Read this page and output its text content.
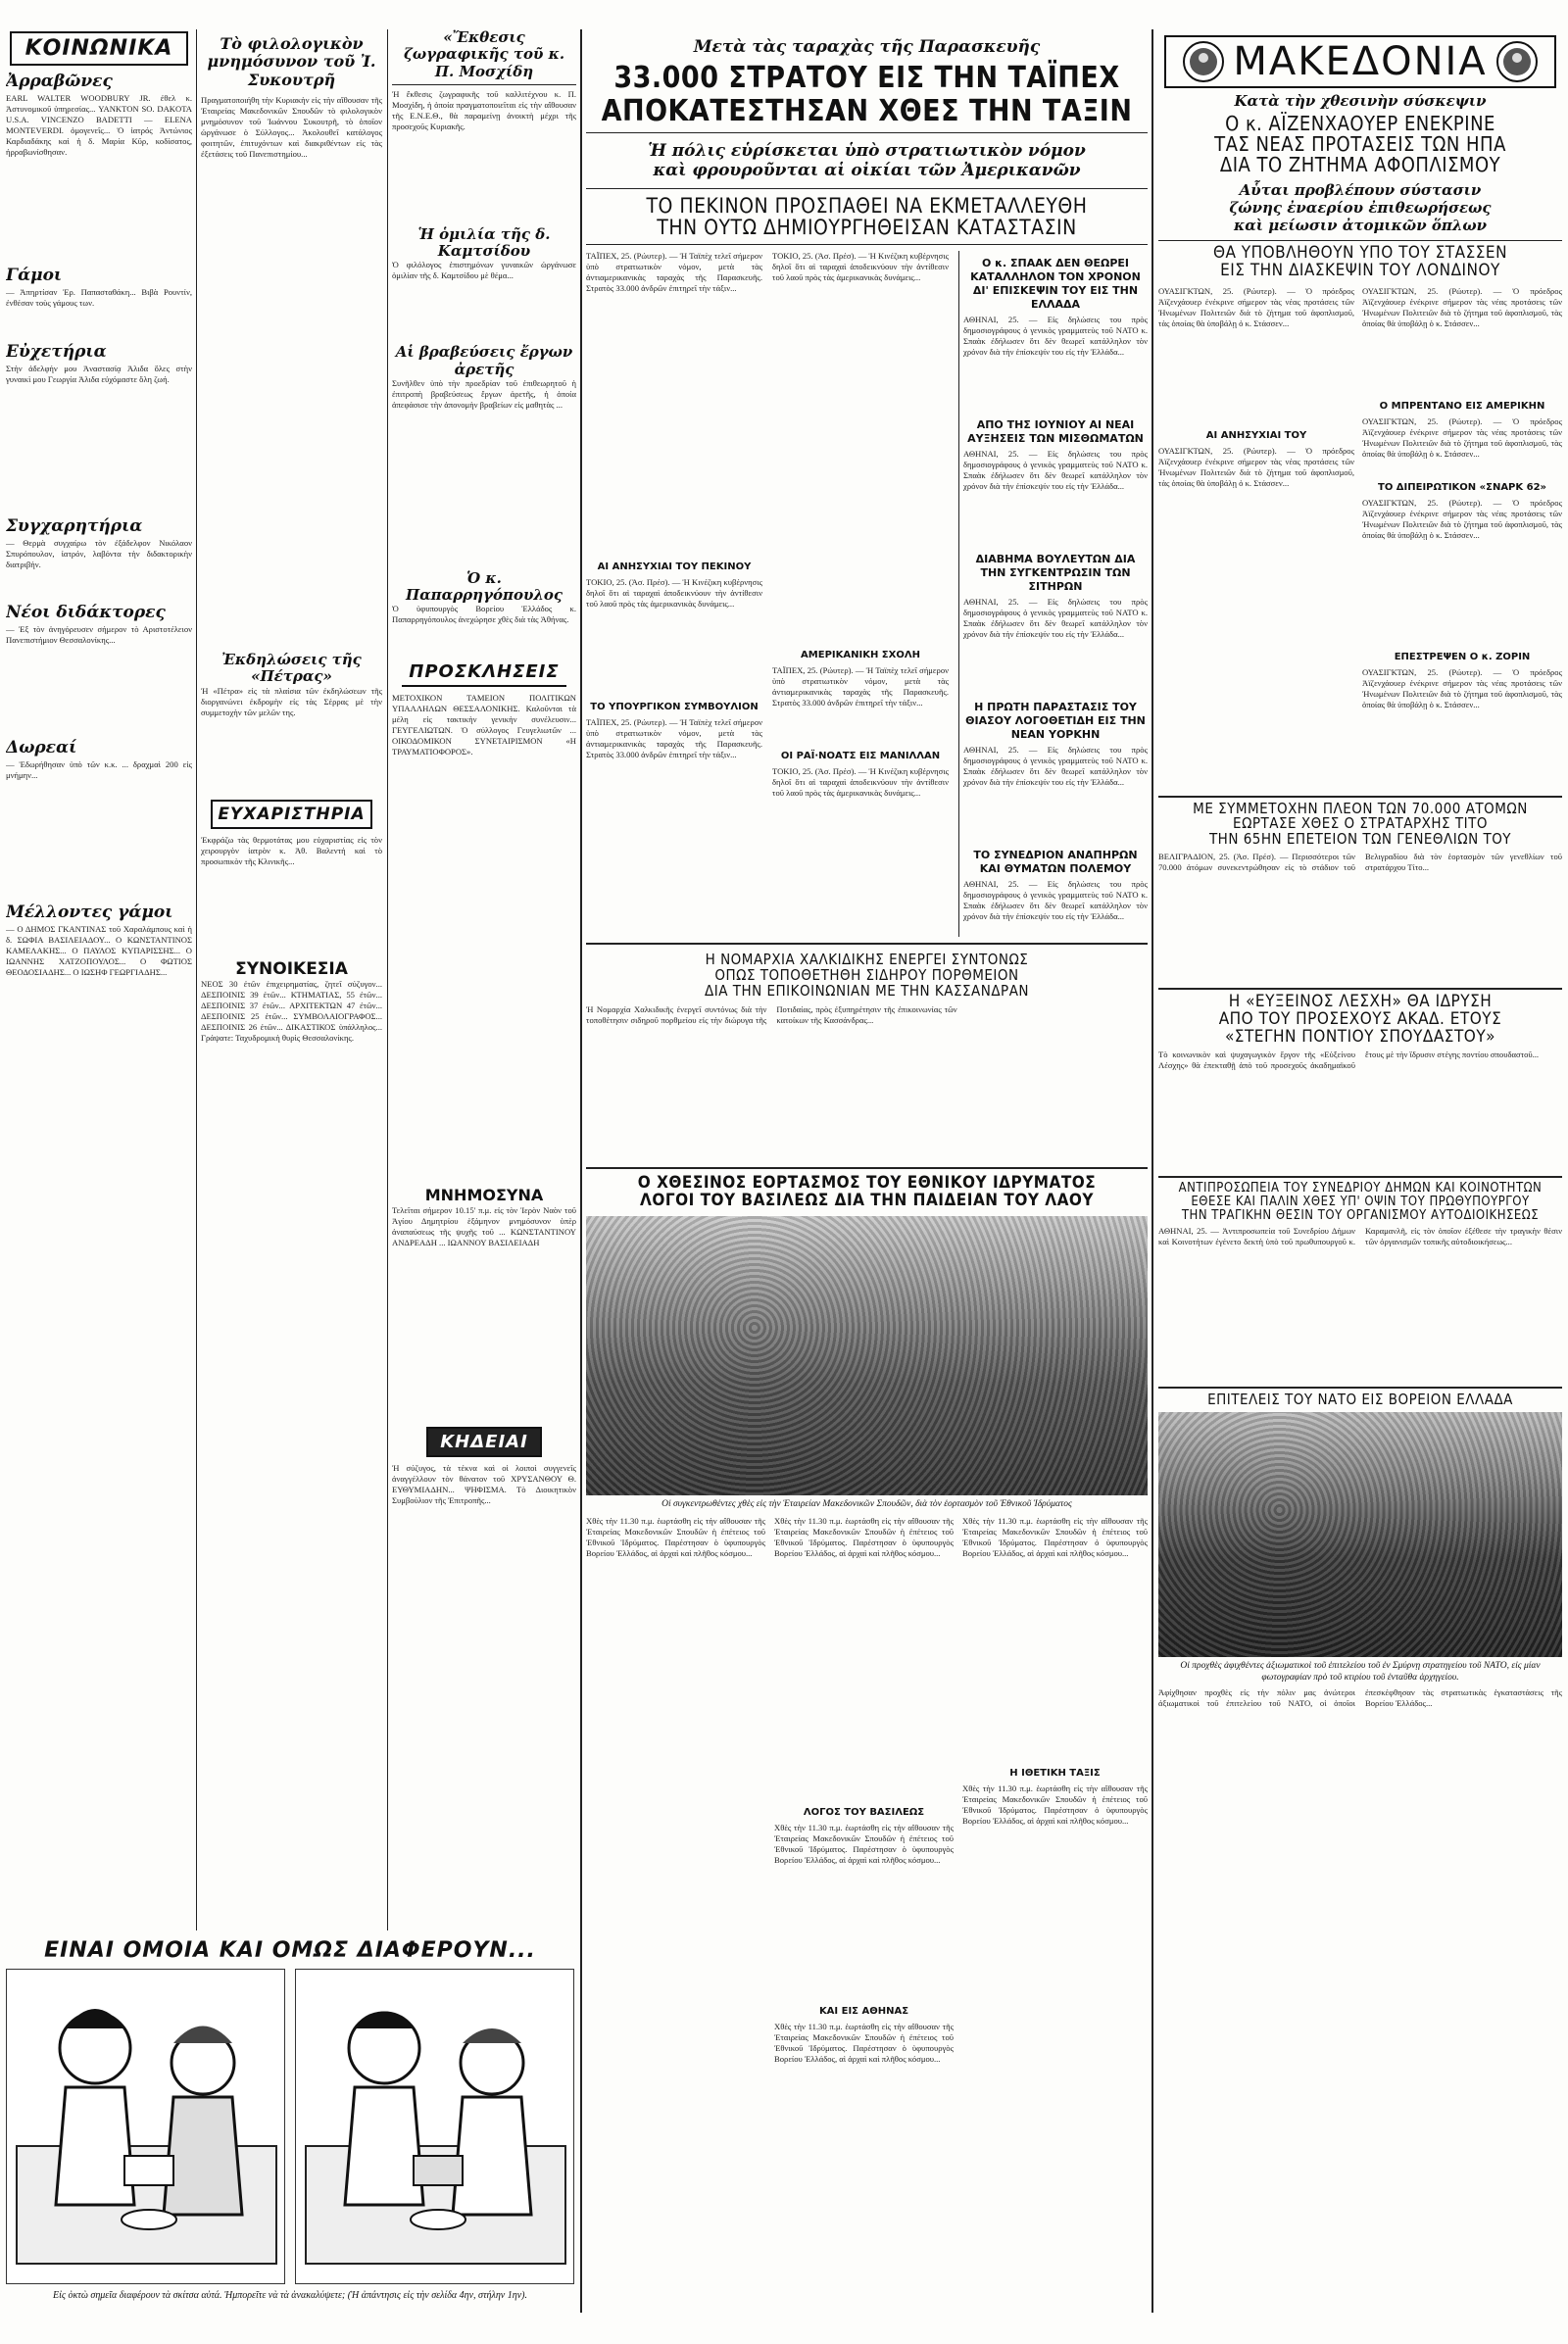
ΚΟΙΝΩΝΙΚΑ
Ἀρραβῶνες
EARL WALTER WOODBURY JR. ἐθελ κ. Ἀστυνομικοῦ ὑπηρεσίας... YANKTON SO. DAKOTA U.S.A. VINCENZO BADETTI — ELENA MONTEVERDI. ὁμογενεῖς... Ὁ ἰατρός Ἀντώνιος Καρδιαδάκης καὶ ἡ δ. Μαρία Κῦρ, κοδίσατος, ἠρραβωνίσθησαν.
Γάμοι
— Ἀπηρτίσαν Ἐρ. Παπασταθάκη... Βιβὰ Ρουντίν, ἐνθέσαν τοὺς γάμους των.
Εὐχετήρια
Στὴν ἀδελφήν μου Ἀναστασίᾳ Ἀλιδα ὅλες στὴν γυναικὶ μου Γεωργία Ἀλιδα εὐχόμαστε ὅλη ζωή.
Συγχαρητήρια
— Θερμὰ συγχαίρω τὸν ἐξάδελφον Νικόλαον Σπυρόπουλον, ἰατρόν, λαβόντα τὴν διδακτορικὴν διατριβήν.
Νέοι διδάκτορες
— Ἐξ τὸν ἀνηγόρευσεν σήμερον τὸ Αριστοτέλειον Πανεπιστήμιον Θεσσαλονίκης...
Δωρεαί
— Ἐδωρήθησαν ὑπὸ τῶν κ.κ. ... δραχμαὶ 200 εἰς μνήμην...
Μέλλοντες γάμοι
— Ο ΔΗΜΟΣ ΓΚΑΝΤΙΝΑΣ τοῦ Χαραλάμπους καὶ ἡ δ. ΣΩΦΙΑ ΒΑΣΙΛΕΙΑΔΟΥ... Ο ΚΩΝΣΤΑΝΤΙΝΟΣ ΚΑΜΕΛΑΚΗΣ... Ο ΠΑΥΛΟΣ ΚΥΠΑΡΙΣΣΗΣ... Ο ΙΩΑΝΝΗΣ ΧΑΤΖΟΠΟΥΛΟΣ... Ο ΦΩΤΙΟΣ ΘΕΟΔΟΣΙΑΔΗΣ... Ο ΙΩΣΗΦ ΓΕΩΡΓΙΑΔΗΣ...
Τὸ φιλολογικὸν μνημόσυνον τοῦ Ἰ. Συκουτρῆ
Πραγματοποιήθη τὴν Κυριακὴν εἰς τὴν αἴθουσαν τῆς Ἑταιρείας Μακεδονικῶν Σπουδῶν τὸ φιλολογικὸν μνημόσυνον τοῦ Ἰωάννου Συκουτρῆ, τὸ ὁποῖον ὠργάνωσε ὁ Σύλλογος... Ἀκολουθεῖ κατάλογος φοιτητῶν, ἐπιτυχόντων καὶ διακριθέντων εἰς τὰς ἐξετάσεις τοῦ Πανεπιστημίου...
Ἐκδηλώσεις τῆς «Πέτρας»
Ἡ «Πέτρα» εἰς τὰ πλαίσια τῶν ἐκδηλώσεων τῆς διοργανώνει ἐκδρομὴν εἰς τὰς Σέρρας μὲ τὴν συμμετοχὴν τῶν μελῶν της.
ΕΥΧΑΡΙΣΤΗΡΙΑ
Ἐκφράζω τὰς θερμοτάτας μου εὐχαριστίας εἰς τὸν χειρουργὸν ἰατρὸν κ. Ἀθ. Βαλεντή καὶ τὸ προσωπικὸν τῆς Κλινικῆς...
ΣΥΝΟΙΚΕΣΙΑ
ΝΕΟΣ 30 ἐτῶν ἐπιχειρηματίας, ζητεῖ σύζυγον... ΔΕΣΠΟΙΝΙΣ 39 ἐτῶν... ΚΤΗΜΑΤΙΑΣ, 55 ἐτῶν... ΔΕΣΠΟΙΝΙΣ 37 ἐτῶν... ΑΡΧΙΤΕΚΤΩΝ 47 ἐτῶν... ΔΕΣΠΟΙΝΙΣ 25 ἐτῶν... ΣΥΜΒΟΛΑΙΟΓΡΑΦΟΣ... ΔΕΣΠΟΙΝΙΣ 26 ἐτῶν... ΔΙΚΑΣΤΙΚΟΣ ὑπάλληλος... Γράψατε: Ταχυδρομικὴ θυρὶς Θεσσαλονίκης.
«Ἔκθεσις ζωγραφικῆς τοῦ κ. Π. Μοσχίδη
Ἡ ἔκθεσις ζωγραφικῆς τοῦ καλλιτέχνου κ. Π. Μοσχίδη, ἡ ὁποία πραγματοποιεῖται εἰς τὴν αἴθουσαν τῆς Ε.Ν.Ε.Θ., θὰ παραμείνῃ ἀνοικτὴ μέχρι τῆς προσεχοῦς Κυριακῆς.
Ἡ ὁμιλία τῆς δ. Καμτσίδου
Ὁ φιλόλογος ἐπιστημόνων γυναικῶν ὠργάνωσε ὁμιλίαν τῆς δ. Καμτσίδου μὲ θέμα...
Αἱ βραβεύσεις ἔργων ἀρετῆς
Συνῆλθεν ὑπὸ τὴν προεδρίαν τοῦ ἐπιθεωρητοῦ ἡ ἐπιτροπὴ βραβεύσεως ἔργων ἀρετῆς, ἡ ὁποία ἀπεφάσισε τὴν ἀπονομὴν βραβείων εἰς μαθητὰς ...
Ὁ κ. Παπαρρηγόπουλος
Ὁ ὑφυπουργὸς Βορείου Ἑλλάδος κ. Παπαρρηγόπουλος ἀνεχώρησε χθὲς διὰ τὰς Ἀθήνας.
ΠΡΟΣΚΛΗΣΕΙΣ
ΜΕΤΟΧΙΚΟΝ ΤΑΜΕΙΟΝ ΠΟΛΙΤΙΚΩΝ ΥΠΑΛΛΗΛΩΝ ΘΕΣΣΑΛΟΝΙΚΗΣ. Καλοῦνται τὰ μέλη εἰς τακτικὴν γενικὴν συνέλευσιν... ΓΕΥΓΕΛΙΩΤΩΝ. Ὁ σύλλογος Γευγελιωτῶν ... ΟΙΚΟΔΟΜΙΚΟΝ ΣΥΝΕΤΑΙΡΙΣΜΟΝ «Η ΤΡΑΥΜΑΤΙΟΦΟΡΟΣ».
ΜΝΗΜΟΣΥΝΑ
Τελεῖται σήμερον 10.15' π.μ. εἰς τὸν Ἱερὸν Ναὸν τοῦ Ἁγίου Δημητρίου ἑξάμηνον μνημόσυνον ὑπὲρ ἀναπαύσεως τῆς ψυχῆς τοῦ ... ΚΩΝΣΤΑΝΤΙΝΟΥ ΑΝΔΡΕΑΔΗ ... ΙΩΑΝΝΟΥ ΒΑΣΙΛΕΙΑΔΗ
ΚΗΔΕΙΑΙ
Ἡ σύζυγος, τὰ τέκνα καὶ οἱ λοιποὶ συγγενεῖς ἀναγγέλλουν τὸν θάνατον τοῦ ΧΡΥΣΑΝΘΟΥ Θ. ΕΥΘΥΜΙΑΔΗΝ... ΨΗΦΙΣΜΑ. Τὸ Διοικητικὸν Συμβούλιον τῆς Ἐπιτροπῆς...
Μετὰ τὰς ταραχὰς τῆς Παρασκευῆς
33.000 ΣΤΡΑΤΟΥ ΕΙΣ ΤΗΝ ΤΑΪΠΕΧ
ΑΠΟΚΑΤΕΣΤΗΣΑΝ ΧΘΕΣ ΤΗΝ ΤΑΞΙΝ
Ἡ πόλις εὑρίσκεται ὑπὸ στρατιωτικὸν νόμον
καὶ φρουροῦνται αἱ οἰκίαι τῶν Ἀμερικανῶν
ΤΟ ΠΕΚΙΝΟΝ ΠΡΟΣΠΑΘΕΙ ΝΑ ΕΚΜΕΤΑΛΛΕΥΘΗ
ΤΗΝ ΟΥΤΩ ΔΗΜΙΟΥΡΓΗΘΕΙΣΑΝ ΚΑΤΑΣΤΑΣΙΝ
ΤΑΪΠΕΧ, 25. (Ρώυτερ). — Ἡ Ταϊπὲχ τελεῖ σήμερον ὑπὸ στρατιωτικὸν νόμον, μετὰ τὰς ἀντιαμερικανικὰς ταραχὰς τῆς Παρασκευῆς. Στρατὸς 33.000 ἀνδρῶν ἐπιτηρεῖ τὴν τάξιν...
ΑΙ ΑΝΗΣΥΧΙΑΙ ΤΟΥ ΠΕΚΙΝΟΥ
ΤΟΚΙΟ, 25. (Ἀσ. Πρέσ). — Ἡ Κινέζικη κυβέρνησις δηλοῖ ὅτι αἱ ταραχαὶ ἀποδεικνύουν τὴν ἀντίθεσιν τοῦ λαοῦ πρὸς τὰς ἀμερικανικὰς δυνάμεις...
ΤΟ ΥΠΟΥΡΓΙΚΟΝ ΣΥΜΒΟΥΛΙΟΝ
ΤΑΪΠΕΧ, 25. (Ρώυτερ). — Ἡ Ταϊπὲχ τελεῖ σήμερον ὑπὸ στρατιωτικὸν νόμον, μετὰ τὰς ἀντιαμερικανικὰς ταραχὰς τῆς Παρασκευῆς. Στρατὸς 33.000 ἀνδρῶν ἐπιτηρεῖ τὴν τάξιν...
ΤΟΚΙΟ, 25. (Ἀσ. Πρέσ). — Ἡ Κινέζικη κυβέρνησις δηλοῖ ὅτι αἱ ταραχαὶ ἀποδεικνύουν τὴν ἀντίθεσιν τοῦ λαοῦ πρὸς τὰς ἀμερικανικὰς δυνάμεις...
ΑΜΕΡΙΚΑΝΙΚΗ ΣΧΟΛΗ
ΤΑΪΠΕΧ, 25. (Ρώυτερ). — Ἡ Ταϊπὲχ τελεῖ σήμερον ὑπὸ στρατιωτικὸν νόμον, μετὰ τὰς ἀντιαμερικανικὰς ταραχὰς τῆς Παρασκευῆς. Στρατὸς 33.000 ἀνδρῶν ἐπιτηρεῖ τὴν τάξιν...
ΟΙ ΡΑΪ·ΝΟΑΤΣ ΕΙΣ ΜΑΝΙΛΛΑΝ
ΤΟΚΙΟ, 25. (Ἀσ. Πρέσ). — Ἡ Κινέζικη κυβέρνησις δηλοῖ ὅτι αἱ ταραχαὶ ἀποδεικνύουν τὴν ἀντίθεσιν τοῦ λαοῦ πρὸς τὰς ἀμερικανικὰς δυνάμεις...
Ο κ. ΣΠΑΑΚ ΔΕΝ ΘΕΩΡΕΙ ΚΑΤΑΛΛΗΛΟΝ ΤΟΝ ΧΡΟΝΟΝ ΔΙ' ΕΠΙΣΚΕΨΙΝ ΤΟΥ ΕΙΣ ΤΗΝ ΕΛΛΑΔΑ
ΑΘΗΝΑΙ, 25. — Εἰς δηλώσεις του πρὸς δημοσιογράφους ὁ γενικὸς γραμματεὺς τοῦ ΝΑΤΟ κ. Σπαὰκ ἐδήλωσεν ὅτι δὲν θεωρεῖ κατάλληλον τὸν χρόνον διὰ τὴν ἐπίσκεψίν του εἰς τὴν Ἑλλάδα...
ΑΠΟ ΤΗΣ ΙΟΥΝΙΟΥ ΑΙ ΝΕΑΙ ΑΥΞΗΣΕΙΣ ΤΩΝ ΜΙΣΘΩΜΑΤΩΝ
ΑΘΗΝΑΙ, 25. — Εἰς δηλώσεις του πρὸς δημοσιογράφους ὁ γενικὸς γραμματεὺς τοῦ ΝΑΤΟ κ. Σπαὰκ ἐδήλωσεν ὅτι δὲν θεωρεῖ κατάλληλον τὸν χρόνον διὰ τὴν ἐπίσκεψίν του εἰς τὴν Ἑλλάδα...
ΔΙΑΒΗΜΑ ΒΟΥΛΕΥΤΩΝ ΔΙΑ ΤΗΝ ΣΥΓΚΕΝΤΡΩΣΙΝ ΤΩΝ ΣΙΤΗΡΩΝ
ΑΘΗΝΑΙ, 25. — Εἰς δηλώσεις του πρὸς δημοσιογράφους ὁ γενικὸς γραμματεὺς τοῦ ΝΑΤΟ κ. Σπαὰκ ἐδήλωσεν ὅτι δὲν θεωρεῖ κατάλληλον τὸν χρόνον διὰ τὴν ἐπίσκεψίν του εἰς τὴν Ἑλλάδα...
Η ΠΡΩΤΗ ΠΑΡΑΣΤΑΣΙΣ ΤΟΥ ΘΙΑΣΟΥ ΛΟΓΟΘΕΤΙΔΗ ΕΙΣ ΤΗΝ ΝΕΑΝ ΥΟΡΚΗΝ
ΑΘΗΝΑΙ, 25. — Εἰς δηλώσεις του πρὸς δημοσιογράφους ὁ γενικὸς γραμματεὺς τοῦ ΝΑΤΟ κ. Σπαὰκ ἐδήλωσεν ὅτι δὲν θεωρεῖ κατάλληλον τὸν χρόνον διὰ τὴν ἐπίσκεψίν του εἰς τὴν Ἑλλάδα...
ΤΟ ΣΥΝΕΔΡΙΟΝ ΑΝΑΠΗΡΩΝ ΚΑΙ ΘΥΜΑΤΩΝ ΠΟΛΕΜΟΥ
ΑΘΗΝΑΙ, 25. — Εἰς δηλώσεις του πρὸς δημοσιογράφους ὁ γενικὸς γραμματεὺς τοῦ ΝΑΤΟ κ. Σπαὰκ ἐδήλωσεν ὅτι δὲν θεωρεῖ κατάλληλον τὸν χρόνον διὰ τὴν ἐπίσκεψίν του εἰς τὴν Ἑλλάδα...
Η ΝΟΜΑΡΧΙΑ ΧΑΛΚΙΔΙΚΗΣ ΕΝΕΡΓΕΙ ΣΥΝΤΟΝΩΣ
ΟΠΩΣ ΤΟΠΟΘΕΤΗΘΗ ΣΙΔΗΡΟΥ ΠΟΡΘΜΕΙΟΝ
ΔΙΑ ΤΗΝ ΕΠΙΚΟΙΝΩΝΙΑΝ ΜΕ ΤΗΝ ΚΑΣΣΑΝΔΡΑΝ
Ἡ Νομαρχία Χαλκιδικῆς ἐνεργεῖ συντόνως διὰ τὴν τοποθέτησιν σιδηροῦ πορθμείου εἰς τὴν διώρυγα τῆς Ποτιδαίας, πρὸς ἐξυπηρέτησιν τῆς ἐπικοινωνίας τῶν κατοίκων τῆς Κασσάνδρας...
Ο ΧΘΕΣΙΝΟΣ ΕΟΡΤΑΣΜΟΣ ΤΟΥ ΕΘΝΙΚΟΥ ΙΔΡΥΜΑΤΟΣ
ΛΟΓΟΙ ΤΟΥ ΒΑΣΙΛΕΩΣ ΔΙΑ ΤΗΝ ΠΑΙΔΕΙΑΝ ΤΟΥ ΛΑΟΥ
Οἱ συγκεντρωθέντες χθὲς εἰς τὴν Ἑταιρείαν Μακεδονικῶν Σπουδῶν, διὰ τὸν ἑορτασμὸν τοῦ Ἐθνικοῦ Ἱδρύματος
Χθὲς τὴν 11.30 π.μ. ἑωρτάσθη εἰς τὴν αἴθουσαν τῆς Ἑταιρείας Μακεδονικῶν Σπουδῶν ἡ ἐπέτειος τοῦ Ἐθνικοῦ Ἱδρύματος. Παρέστησαν ὁ ὑφυπουργὸς Βορείου Ἑλλάδος, αἱ ἀρχαὶ καὶ πλῆθος κόσμου...
Χθὲς τὴν 11.30 π.μ. ἑωρτάσθη εἰς τὴν αἴθουσαν τῆς Ἑταιρείας Μακεδονικῶν Σπουδῶν ἡ ἐπέτειος τοῦ Ἐθνικοῦ Ἱδρύματος. Παρέστησαν ὁ ὑφυπουργὸς Βορείου Ἑλλάδος, αἱ ἀρχαὶ καὶ πλῆθος κόσμου...
ΛΟΓΟΣ ΤΟΥ ΒΑΣΙΛΕΩΣ
Χθὲς τὴν 11.30 π.μ. ἑωρτάσθη εἰς τὴν αἴθουσαν τῆς Ἑταιρείας Μακεδονικῶν Σπουδῶν ἡ ἐπέτειος τοῦ Ἐθνικοῦ Ἱδρύματος. Παρέστησαν ὁ ὑφυπουργὸς Βορείου Ἑλλάδος, αἱ ἀρχαὶ καὶ πλῆθος κόσμου...
ΚΑΙ ΕΙΣ ΑΘΗΝΑΣ
Χθὲς τὴν 11.30 π.μ. ἑωρτάσθη εἰς τὴν αἴθουσαν τῆς Ἑταιρείας Μακεδονικῶν Σπουδῶν ἡ ἐπέτειος τοῦ Ἐθνικοῦ Ἱδρύματος. Παρέστησαν ὁ ὑφυπουργὸς Βορείου Ἑλλάδος, αἱ ἀρχαὶ καὶ πλῆθος κόσμου...
Χθὲς τὴν 11.30 π.μ. ἑωρτάσθη εἰς τὴν αἴθουσαν τῆς Ἑταιρείας Μακεδονικῶν Σπουδῶν ἡ ἐπέτειος τοῦ Ἐθνικοῦ Ἱδρύματος. Παρέστησαν ὁ ὑφυπουργὸς Βορείου Ἑλλάδος, αἱ ἀρχαὶ καὶ πλῆθος κόσμου...
Η ΙΘΕΤΙΚΗ ΤΑΞΙΣ
Χθὲς τὴν 11.30 π.μ. ἑωρτάσθη εἰς τὴν αἴθουσαν τῆς Ἑταιρείας Μακεδονικῶν Σπουδῶν ἡ ἐπέτειος τοῦ Ἐθνικοῦ Ἱδρύματος. Παρέστησαν ὁ ὑφυπουργὸς Βορείου Ἑλλάδος, αἱ ἀρχαὶ καὶ πλῆθος κόσμου...
ΜΑΚΕΔΟΝΙΑ
Κατὰ τὴν χθεσινὴν σύσκεψιν
Ο κ. ΑΪΖΕΝΧΑΟΥΕΡ ΕΝΕΚΡΙΝΕ
ΤΑΣ ΝΕΑΣ ΠΡΟΤΑΣΕΙΣ ΤΩΝ ΗΠΑ
ΔΙΑ ΤΟ ΖΗΤΗΜΑ ΑΦΟΠΛΙΣΜΟΥ
Αὗται προβλέπουν σύστασιν
ζώνης ἐναερίου ἐπιθεωρήσεως
καὶ μείωσιν ἀτομικῶν ὅπλων
ΘΑ ΥΠΟΒΛΗΘΟΥΝ ΥΠΟ ΤΟΥ ΣΤΑΣΣΕΝ
ΕΙΣ ΤΗΝ ΔΙΑΣΚΕΨΙΝ ΤΟΥ ΛΟΝΔΙΝΟΥ
ΟΥΑΣΙΓΚΤΩΝ, 25. (Ρώυτερ). — Ὁ πρόεδρος Ἀϊζενχάουερ ἐνέκρινε σήμερον τὰς νέας προτάσεις τῶν Ἡνωμένων Πολιτειῶν διὰ τὸ ζήτημα τοῦ ἀφοπλισμοῦ, τὰς ὁποίας θὰ ὑποβάλῃ ὁ κ. Στάσσεν...
ΑΙ ΑΝΗΣΥΧΙΑΙ ΤΟΥ
ΟΥΑΣΙΓΚΤΩΝ, 25. (Ρώυτερ). — Ὁ πρόεδρος Ἀϊζενχάουερ ἐνέκρινε σήμερον τὰς νέας προτάσεις τῶν Ἡνωμένων Πολιτειῶν διὰ τὸ ζήτημα τοῦ ἀφοπλισμοῦ, τὰς ὁποίας θὰ ὑποβάλῃ ὁ κ. Στάσσεν...
ΟΥΑΣΙΓΚΤΩΝ, 25. (Ρώυτερ). — Ὁ πρόεδρος Ἀϊζενχάουερ ἐνέκρινε σήμερον τὰς νέας προτάσεις τῶν Ἡνωμένων Πολιτειῶν διὰ τὸ ζήτημα τοῦ ἀφοπλισμοῦ, τὰς ὁποίας θὰ ὑποβάλῃ ὁ κ. Στάσσεν...
Ο ΜΠΡΕΝΤΑΝΟ ΕΙΣ ΑΜΕΡΙΚΗΝ
ΟΥΑΣΙΓΚΤΩΝ, 25. (Ρώυτερ). — Ὁ πρόεδρος Ἀϊζενχάουερ ἐνέκρινε σήμερον τὰς νέας προτάσεις τῶν Ἡνωμένων Πολιτειῶν διὰ τὸ ζήτημα τοῦ ἀφοπλισμοῦ, τὰς ὁποίας θὰ ὑποβάλῃ ὁ κ. Στάσσεν...
ΤΟ ΔΙΠΕΙΡΩΤΙΚΟΝ «ΣΝΑΡΚ 62»
ΟΥΑΣΙΓΚΤΩΝ, 25. (Ρώυτερ). — Ὁ πρόεδρος Ἀϊζενχάουερ ἐνέκρινε σήμερον τὰς νέας προτάσεις τῶν Ἡνωμένων Πολιτειῶν διὰ τὸ ζήτημα τοῦ ἀφοπλισμοῦ, τὰς ὁποίας θὰ ὑποβάλῃ ὁ κ. Στάσσεν...
ΕΠΕΣΤΡΕΨΕΝ Ο κ. ΖΟΡΙΝ
ΟΥΑΣΙΓΚΤΩΝ, 25. (Ρώυτερ). — Ὁ πρόεδρος Ἀϊζενχάουερ ἐνέκρινε σήμερον τὰς νέας προτάσεις τῶν Ἡνωμένων Πολιτειῶν διὰ τὸ ζήτημα τοῦ ἀφοπλισμοῦ, τὰς ὁποίας θὰ ὑποβάλῃ ὁ κ. Στάσσεν...
ΜΕ ΣΥΜΜΕΤΟΧΗΝ ΠΛΕΟΝ ΤΩΝ 70.000 ΑΤΟΜΩΝ
ΕΩΡΤΑΣΕ ΧΘΕΣ Ο ΣΤΡΑΤΑΡΧΗΣ ΤΙΤΟ
ΤΗΝ 65ΗΝ ΕΠΕΤΕΙΟΝ ΤΩΝ ΓΕΝΕΘΛΙΩΝ ΤΟΥ
ΒΕΛΙΓΡΑΔΙΟΝ, 25. (Ἀσ. Πρέσ). — Περισσότεροι τῶν 70.000 ἀτόμων συνεκεντρώθησαν εἰς τὸ στάδιον τοῦ Βελιγραδίου διὰ τὸν ἑορτασμὸν τῶν γενεθλίων τοῦ στρατάρχου Τίτο...
Η «ΕΥΞΕΙΝΟΣ ΛΕΣΧΗ» ΘΑ ΙΔΡΥΣΗ
ΑΠΟ ΤΟΥ ΠΡΟΣΕΧΟΥΣ ΑΚΑΔ. ΕΤΟΥΣ
«ΣΤΕΓΗΝ ΠΟΝΤΙΟΥ ΣΠΟΥΔΑΣΤΟΥ»
Τὸ κοινωνικὸν καὶ ψυχαγωγικὸν ἔργον τῆς «Εὐξείνου Λέσχης» θὰ ἐπεκταθῇ ἀπὸ τοῦ προσεχοῦς ἀκαδημαϊκοῦ ἔτους μὲ τὴν ἵδρυσιν στέγης ποντίου σπουδαστοῦ...
ΑΝΤΙΠΡΟΣΩΠΕΙΑ ΤΟΥ ΣΥΝΕΔΡΙΟΥ ΔΗΜΩΝ ΚΑΙ ΚΟΙΝΟΤΗΤΩΝ
ΕΘΕΣΕ ΚΑΙ ΠΑΛΙΝ ΧΘΕΣ ΥΠ' ΟΨΙΝ ΤΟΥ ΠΡΩΘΥΠΟΥΡΓΟΥ
ΤΗΝ ΤΡΑΓΙΚΗΝ ΘΕΣΙΝ ΤΟΥ ΟΡΓΑΝΙΣΜΟΥ ΑΥΤΟΔΙΟΙΚΗΣΕΩΣ
ΑΘΗΝΑΙ, 25. — Ἀντιπροσωπεία τοῦ Συνεδρίου Δήμων καὶ Κοινοτήτων ἐγένετο δεκτὴ ὑπὸ τοῦ πρωθυπουργοῦ κ. Καραμανλῆ, εἰς τὸν ὁποῖον ἐξέθεσε τὴν τραγικὴν θέσιν τῶν ὀργανισμῶν τοπικῆς αὐτοδιοικήσεως...
ΕΠΙΤΕΛΕΙΣ ΤΟΥ ΝΑΤΟ ΕΙΣ ΒΟΡΕΙΟΝ ΕΛΛΑΔΑ
Οἱ προχθὲς ἀφιχθέντες ἀξιωματικοὶ τοῦ ἐπιτελείου τοῦ ἐν Σμύρνῃ στρατηγείου τοῦ ΝΑΤΟ, εἰς μίαν φωτογραφίαν πρὸ τοῦ κτιρίου τοῦ ἐνταῦθα ἀρχηγείου.
Ἀφίχθησαν προχθὲς εἰς τὴν πόλιν μας ἀνώτεροι ἀξιωματικοὶ τοῦ ἐπιτελείου τοῦ ΝΑΤΟ, οἱ ὁποῖοι ἐπεσκέφθησαν τὰς στρατιωτικὰς ἐγκαταστάσεις τῆς Βορείου Ἑλλάδος...
ΕΙΝΑΙ ΟΜΟΙΑ ΚΑΙ ΟΜΩΣ ΔΙΑΦΕΡΟΥΝ...
Εἰς ὀκτὼ σημεῖα διαφέρουν τὰ σκίτσα αὐτά. Ἠμπορεῖτε νὰ τὰ ἀνακαλύψετε; (Ἡ ἀπάντησις εἰς τὴν σελίδα 4ην, στήλην 1ην).
